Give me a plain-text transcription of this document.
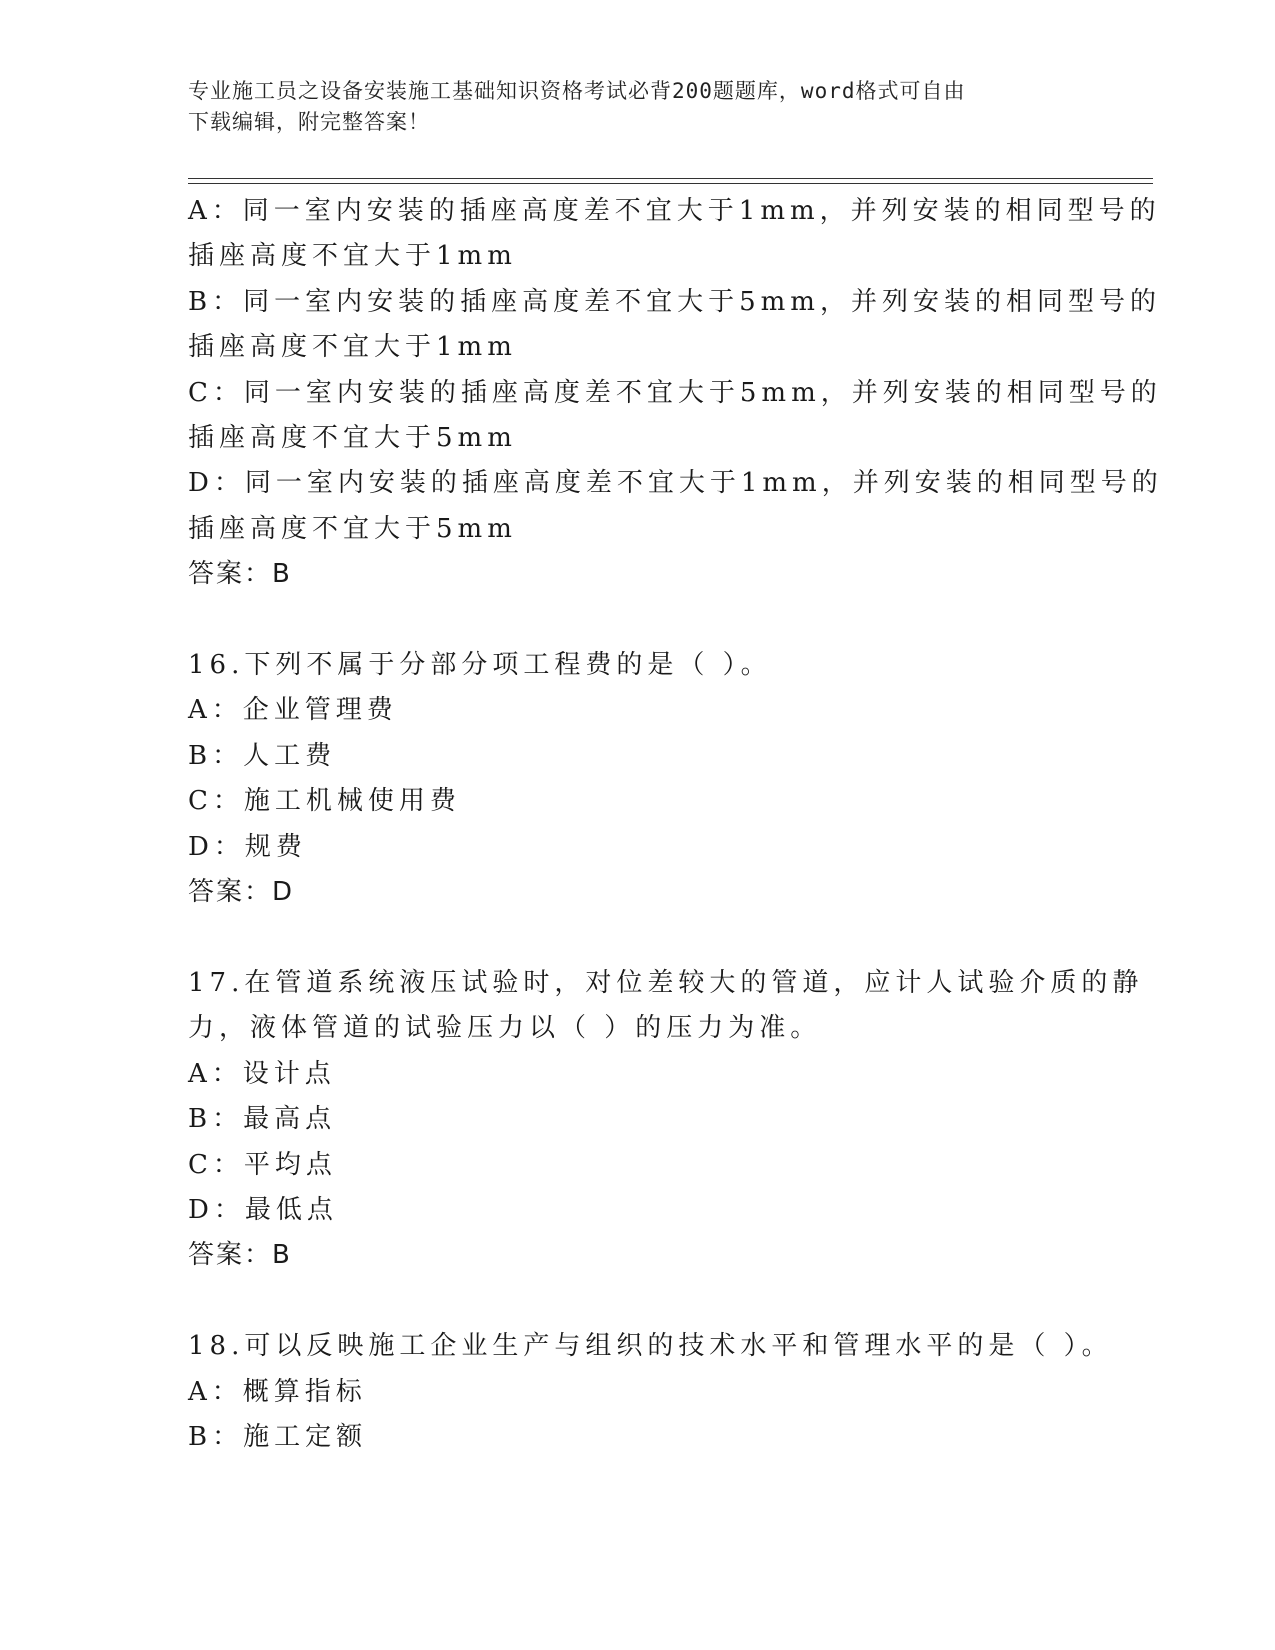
专业施工员之设备安装施工基础知识资格考试必背200题题库，word格式可自由
下载编辑，附完整答案！
A：同一室内安装的插座高度差不宜大于1mm，并列安装的相同型号的
插座高度不宜大于1mm
B：同一室内安装的插座高度差不宜大于5mm，并列安装的相同型号的
插座高度不宜大于1mm
C：同一室内安装的插座高度差不宜大于5mm，并列安装的相同型号的
插座高度不宜大于5mm
D：同一室内安装的插座高度差不宜大于1mm，并列安装的相同型号的
插座高度不宜大于5mm
答案：B
16.下列不属于分部分项工程费的是（ ）。
A：企业管理费
B：人工费
C：施工机械使用费
D：规费
答案：D
17.在管道系统液压试验时，对位差较大的管道，应计人试验介质的静
力，液体管道的试验压力以（ ）的压力为准。
A：设计点
B：最高点
C：平均点
D：最低点
答案：B
18.可以反映施工企业生产与组织的技术水平和管理水平的是（ ）。
A：概算指标
B：施工定额
